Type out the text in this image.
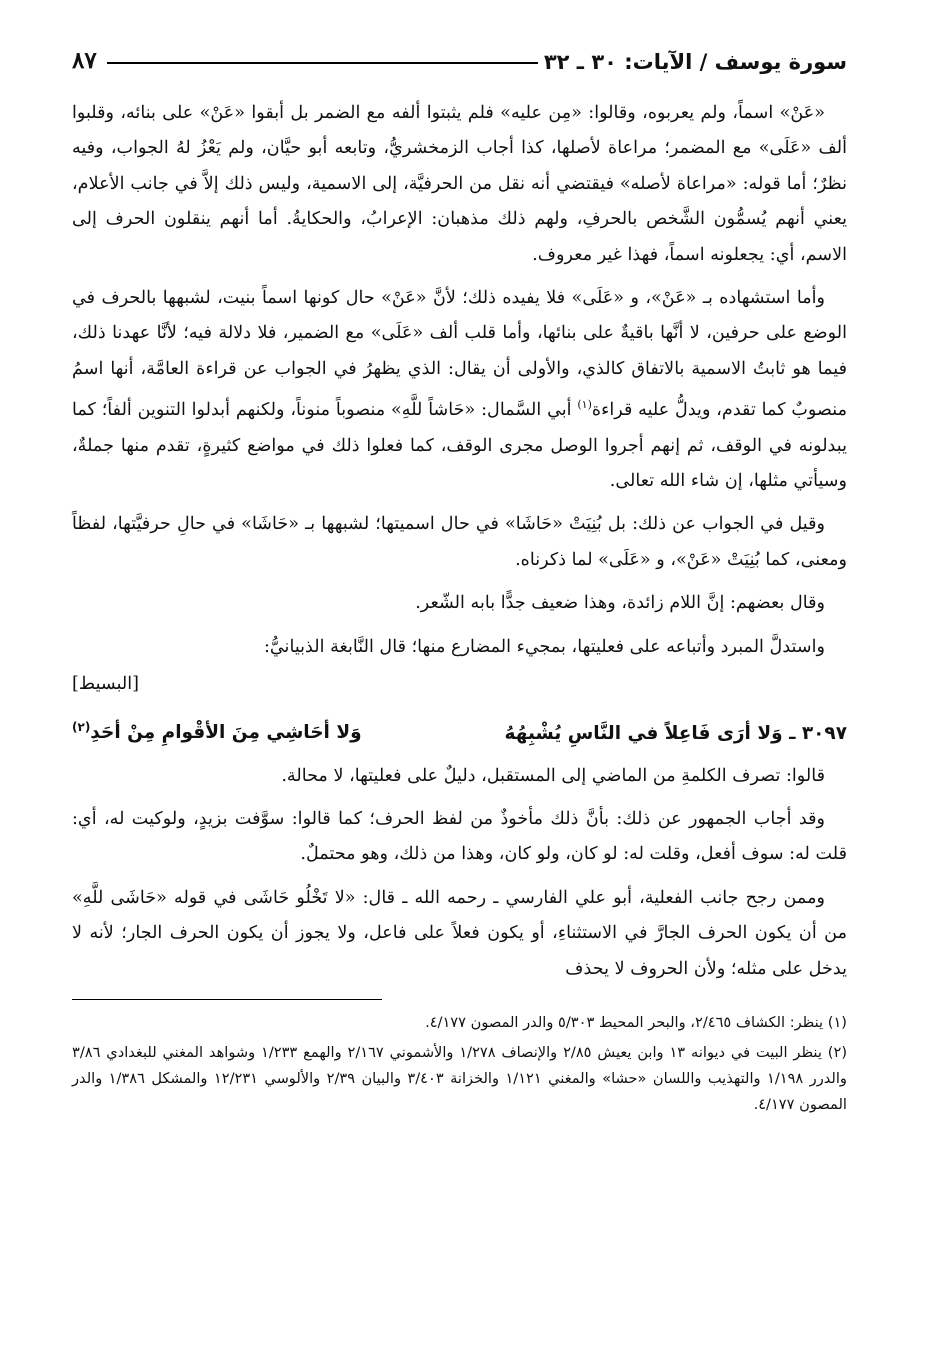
سورة يوسف / الآيات: ٣٠ ـ ٣٢
٨٧

«عَنْ» اسماً، ولم يعربوه، وقالوا: «مِن عليه» فلم يثبتوا ألفه مع الضمر بل أبقوا «عَنْ» على بنائه، وقلبوا ألف «عَلَى» مع المضمر؛ مراعاة لأصلها، كذا أجاب الزمخشريُّ، وتابعه أبو حيَّان، ولم يَعْزُ لهُ الجواب، وفيه نظرٌ؛ أما قوله: «مراعاة لأصله» فيقتضي أنه نقل من الحرفيَّة، إلى الاسمية، وليس ذلك إلاَّ في جانب الأعلام، يعني أنهم يُسمُّون الشَّخص بالحرفِ، ولهم ذلك مذهبان: الإعرابُ، والحكايةُ. أما أنهم ينقلون الحرف إلى الاسم، أي: يجعلونه اسماً، فهذا غير معروف.

وأما استشهاده بـ «عَنْ»، و «عَلَى» فلا يفيده ذلك؛ لأنَّ «عَنْ» حال كونها اسماً بنيت، لشبهها بالحرف في الوضع على حرفين، لا أنَّها باقيةٌ على بنائها، وأما قلب ألف «عَلَى» مع الضمير، فلا دلالة فيه؛ لأنَّا عهدنا ذلك، فيما هو ثابتُ الاسمية بالاتفاق كالذي، والأولى أن يقال: الذي يظهرُ في الجواب عن قراءة العامَّة، أنها اسمُ منصوبٌ كما تقدم، ويدلُّ عليه قراءة$^{(١)}$ أبي السَّمال: «حَاشاً للَّهِ» منصوباً منوناً، ولكنهم أبدلوا التنوين ألفاً؛ كما يبدلونه في الوقف، ثم إنهم أجروا الوصل مجرى الوقف، كما فعلوا ذلك في مواضع كثيرةٍ، تقدم منها جملةٌ، وسيأتي مثلها، إن شاء الله تعالى.

وقيل في الجواب عن ذلك: بل بُنِيَتْ «حَاشَا» في حال اسميتها؛ لشبهها بـ «حَاشَا» في حالِ حرفيَّتها، لفظاً ومعنى، كما بُنِيَتْ «عَنْ»، و «عَلَى» لما ذكرناه.

وقال بعضهم: إنَّ اللام زائدة، وهذا ضعيف جدًّا بابه الشّعر.

واستدلَّ المبرد وأتباعه على فعليتها، بمجيء المضارع منها؛ قال النَّابغة الذبيانيُّ:

[البسيط]

٣٠٩٧ ـ وَلا أرَى فَاعِلاً في النَّاسِ يُشْبِهُهُ
وَلا أحَاشِي مِنَ الأقْوامِ مِنْ أحَدِ$^{(٢)}$

قالوا: تصرف الكلمةِ من الماضي إلى المستقبل، دليلٌ على فعليتها، لا محالة.

وقد أجاب الجمهور عن ذلك: بأنَّ ذلك مأخوذٌ من لفظ الحرف؛ كما قالوا: سوَّفت بزيدٍ، ولوكيت له، أي: قلت له: سوف أفعل، وقلت له: لو كان، ولو كان، وهذا من ذلك، وهو محتملٌ.

وممن رجح جانب الفعلية، أبو علي الفارسي ـ رحمه الله ـ قال: «لا تَخْلُو حَاشَى في قوله «حَاشَى للَّهِ» من أن يكون الحرف الجارَّ في الاستثناءِ، أو يكون فعلاً على فاعل، ولا يجوز أن يكون الحرف الجار؛ لأنه لا يدخل على مثله؛ ولأن الحروف لا يحذف

(١) ينظر: الكشاف ٢/٤٦٥، والبحر المحيط ٥/٣٠٣ والدر المصون ٤/١٧٧.

(٢) ينظر البيت في ديوانه ١٣ وابن يعيش ٢/٨٥ والإنصاف ١/٢٧٨ والأشموني ٢/١٦٧ والهمع ١/٢٣٣ وشواهد المغني للبغدادي ٣/٨٦ والدرر ١/١٩٨ والتهذيب واللسان «حشا» والمغني ١/١٢١ والخزانة ٣/٤٠٣ والبيان ٢/٣٩ والألوسي ١٢/٢٣١ والمشكل ١/٣٨٦ والدر المصون ٤/١٧٧.
